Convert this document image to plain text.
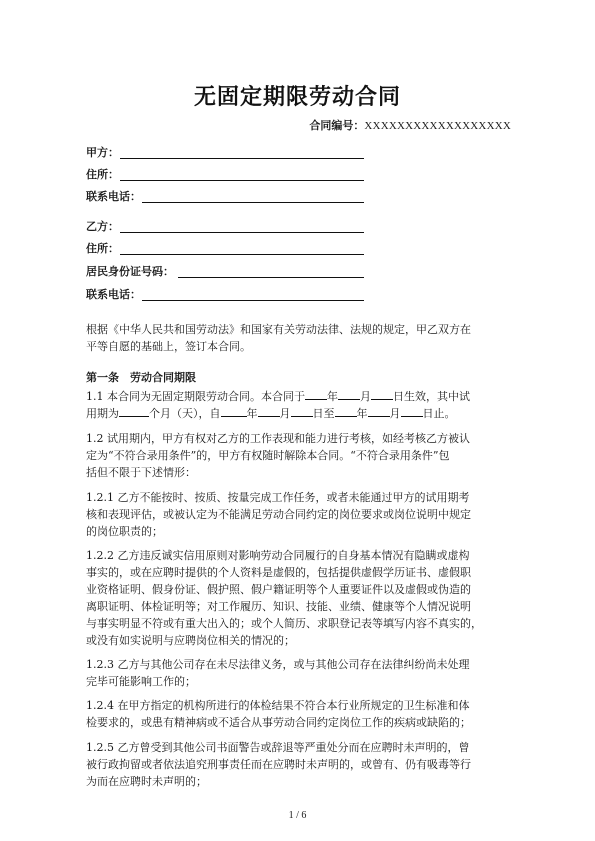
无固定期限劳动合同
合同编号：XXXXXXXXXXXXXXXXXX
甲方：
住所：
联系电话：
乙方：
住所：
居民身份证号码：
联系电话：
根据《中华人民共和国劳动法》和国家有关劳动法律、法规的规定，甲乙双方在
平等自愿的基础上，签订本合同。
第一条　劳动合同期限
1.1 本合同为无固定期限劳动合同。本合同于 年 月 日生效，其中试
用期为	个月（天），自 年 月 日至 年 月 日止。
1.2 试用期内，甲方有权对乙方的工作表现和能力进行考核，如经考核乙方被认
定为“不符合录用条件”的，甲方有权随时解除本合同。“不符合录用条件”包
括但不限于下述情形：
1.2.1 乙方不能按时、按质、按量完成工作任务，或者未能通过甲方的试用期考
核和表现评估，或被认定为不能满足劳动合同约定的岗位要求或岗位说明中规定
的岗位职责的；
1.2.2 乙方违反诚实信用原则对影响劳动合同履行的自身基本情况有隐瞒或虚构
事实的，或在应聘时提供的个人资料是虚假的，包括提供虚假学历证书、虚假职
业资格证明、假身份证、假护照、假户籍证明等个人重要证件以及虚假或伪造的
离职证明、体检证明等；对工作履历、知识、技能、业绩、健康等个人情况说明
与事实明显不符或有重大出入的；或个人简历、求职登记表等填写内容不真实的，
或没有如实说明与应聘岗位相关的情况的；
1.2.3 乙方与其他公司存在未尽法律义务，或与其他公司存在法律纠纷尚未处理
完毕可能影响工作的；
1.2.4 在甲方指定的机构所进行的体检结果不符合本行业所规定的卫生标准和体
检要求的，或患有精神病或不适合从事劳动合同约定岗位工作的疾病或缺陷的；
1.2.5 乙方曾受到其他公司书面警告或辞退等严重处分而在应聘时未声明的，曾
被行政拘留或者依法追究刑事责任而在应聘时未声明的，或曾有、仍有吸毒等行
为而在应聘时未声明的；
1 / 6
